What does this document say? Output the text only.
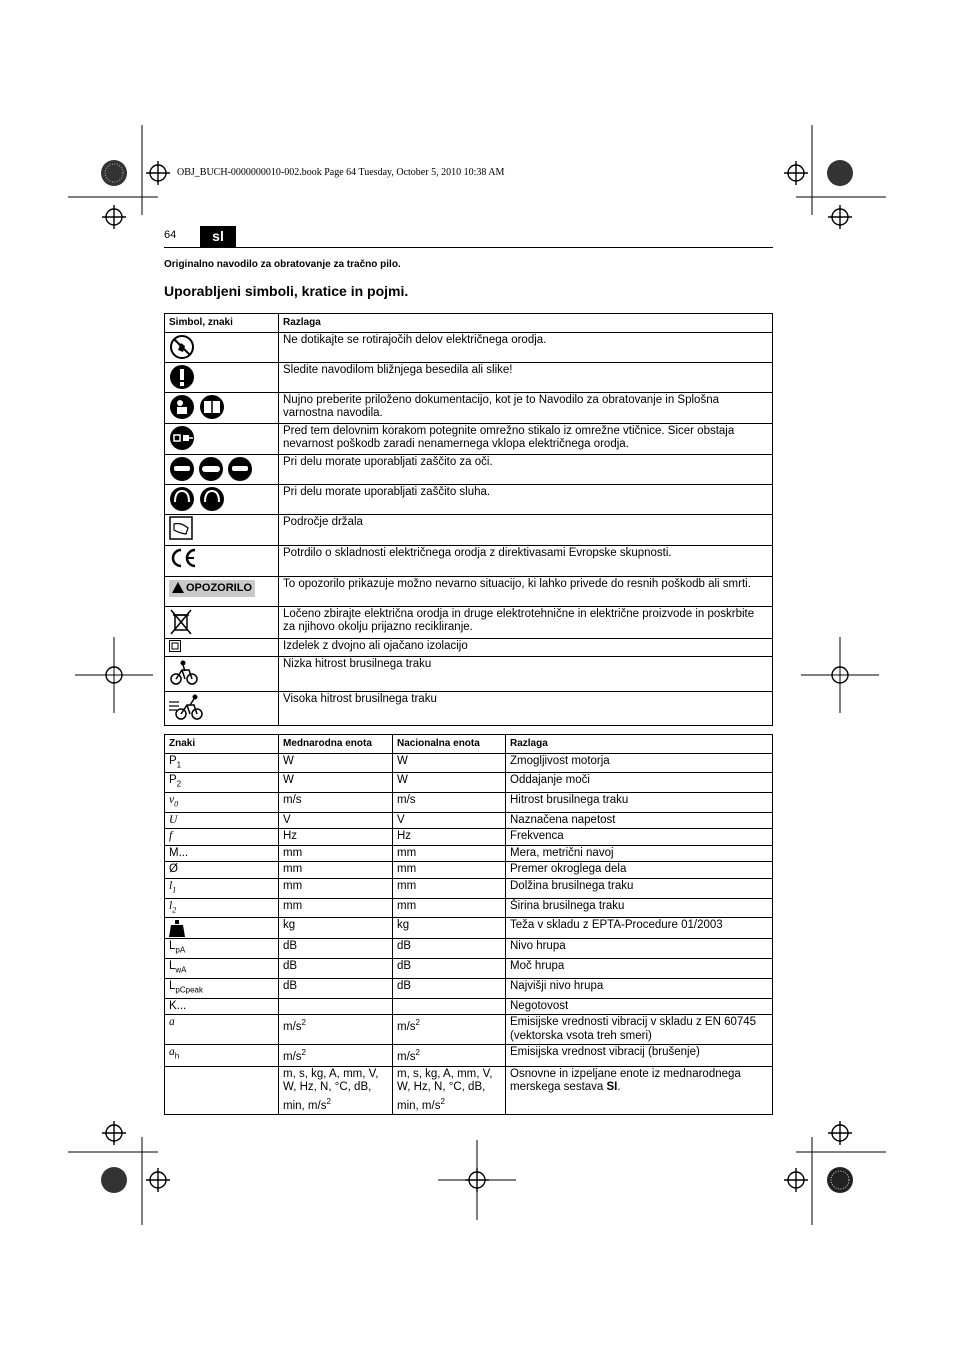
OBJ_BUCH-0000000010-002.book Page 64 Tuesday, October 5, 2010 10:38 AM
64	sl
Originalno navodilo za obratovanje za tračno pilo.
Uporabljeni simboli, kratice in pojmi.
Simbol, znaki	Razlaga
	Ne dotikajte se rotirajočih delov električnega orodja.
	Sledite navodilom bližnjega besedila ali slike!
	Nujno preberite priloženo dokumentacijo, kot je to Navodilo za obratovanje in Splošna varnostna navodila.
	Pred tem delovnim korakom potegnite omrežno stikalo iz omrežne vtičnice. Sicer obstaja nevarnost poškodb zaradi nenamernega vklopa električnega orodja.
	Pri delu morate uporabljati zaščito za oči.
	Pri delu morate uporabljati zaščito sluha.
	Področje držala
	Potrdilo o skladnosti električnega orodja z direktivasami Evropske skupnosti.
OPOZORILO	To opozorilo prikazuje možno nevarno situacijo, ki lahko privede do resnih poškodb ali smrti.
	Ločeno zbirajte električna orodja in druge elektrotehnične in električne proizvode in poskrbite za njihovo okolju prijazno recikliranje.
	Izdelek z dvojno ali ojačano izolacijo
	Nizka hitrost brusilnega traku
	Visoka hitrost brusilnega traku
Znaki	Mednarodna enota	Nacionalna enota	Razlaga
$P_1$	W	W	Zmogljivost motorja
$P_2$	W	W	Oddajanje moči
$v_0$	m/s	m/s	Hitrost brusilnega traku
U	V	V	Naznačena napetost
f	Hz	Hz	Frekvenca
M...	mm	mm	Mera, metrični navoj
Ø	mm	mm	Premer okroglega dela
$l_1$	mm	mm	Dolžina brusilnega traku
$l_2$	mm	mm	Širina brusilnega traku
	kg	kg	Teža v skladu z EPTA-Procedure 01/2003
$L_{pA}$	dB	dB	Nivo hrupa
$L_{wA}$	dB	dB	Moč hrupa
$L_{pCpeak}$	dB	dB	Najvišji nivo hrupa
K...			Negotovost
a	$m/s^2$	$m/s^2$	Emisijske vrednosti vibracij v skladu z EN 60745 (vektorska vsota treh smeri)
$a_h$	$m/s^2$	$m/s^2$	Emisijska vrednost vibracij (brušenje)
	m, s, kg, A, mm, V, W, Hz, N, °C, dB, min, $m/s^2$	m, s, kg, A, mm, V, W, Hz, N, °C, dB, min, $m/s^2$	Osnovne in izpeljane enote iz mednarodnega merskega sestava SI.
